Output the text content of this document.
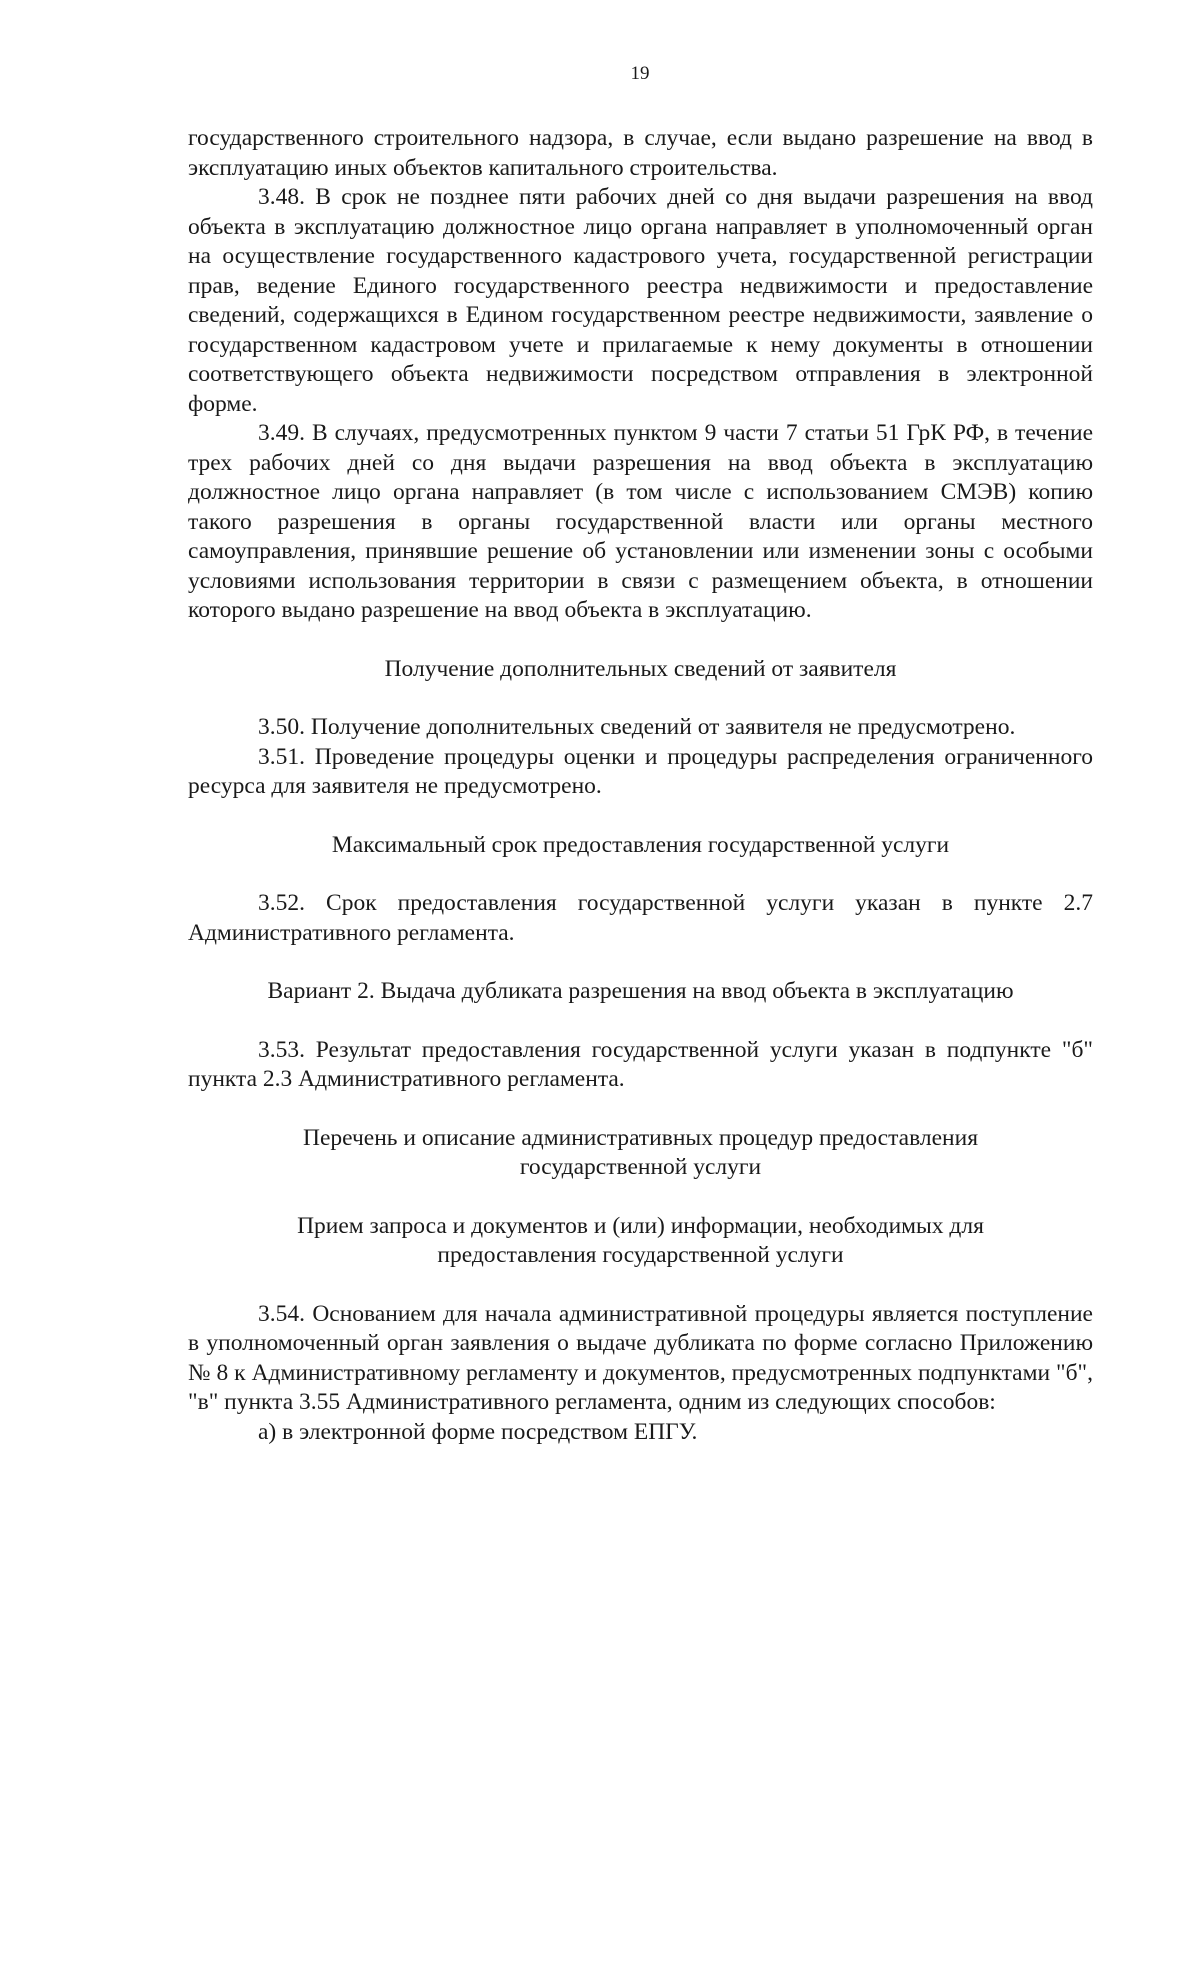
19

государственного строительного надзора, в случае, если выдано разрешение на ввод в эксплуатацию иных объектов капитального строительства.

3.48. В срок не позднее пяти рабочих дней со дня выдачи разрешения на ввод объекта в эксплуатацию должностное лицо органа направляет в уполномоченный орган на осуществление государственного кадастрового учета, государственной регистрации прав, ведение Единого государственного реестра недвижимости и предоставление сведений, содержащихся в Едином государственном реестре недвижимости, заявление о государственном кадастровом учете и прилагаемые к нему документы в отношении соответствующего объекта недвижимости посредством отправления в электронной форме.

3.49. В случаях, предусмотренных пунктом 9 части 7 статьи 51 ГрК РФ, в течение трех рабочих дней со дня выдачи разрешения на ввод объекта в эксплуатацию должностное лицо органа направляет (в том числе с использованием СМЭВ) копию такого разрешения в органы государственной власти или органы местного самоуправления, принявшие решение об установлении или изменении зоны с особыми условиями использования территории в связи с размещением объекта, в отношении которого выдано разрешение на ввод объекта в эксплуатацию.

Получение дополнительных сведений от заявителя

3.50. Получение дополнительных сведений от заявителя не предусмотрено.

3.51. Проведение процедуры оценки и процедуры распределения ограниченного ресурса для заявителя не предусмотрено.

Максимальный срок предоставления государственной услуги

3.52. Срок предоставления государственной услуги указан в пункте 2.7 Административного регламента.

Вариант 2. Выдача дубликата разрешения на ввод объекта в эксплуатацию

3.53. Результат предоставления государственной услуги указан в подпункте "б" пункта 2.3 Административного регламента.

Перечень и описание административных процедур предоставления

государственной услуги

Прием запроса и документов и (или) информации, необходимых для

предоставления государственной услуги

3.54. Основанием для начала административной процедуры является поступление в уполномоченный орган заявления о выдаче дубликата по форме согласно Приложению № 8 к Административному регламенту и документов, предусмотренных подпунктами "б", "в" пункта 3.55 Административного регламента, одним из следующих способов:

а) в электронной форме посредством ЕПГУ.
